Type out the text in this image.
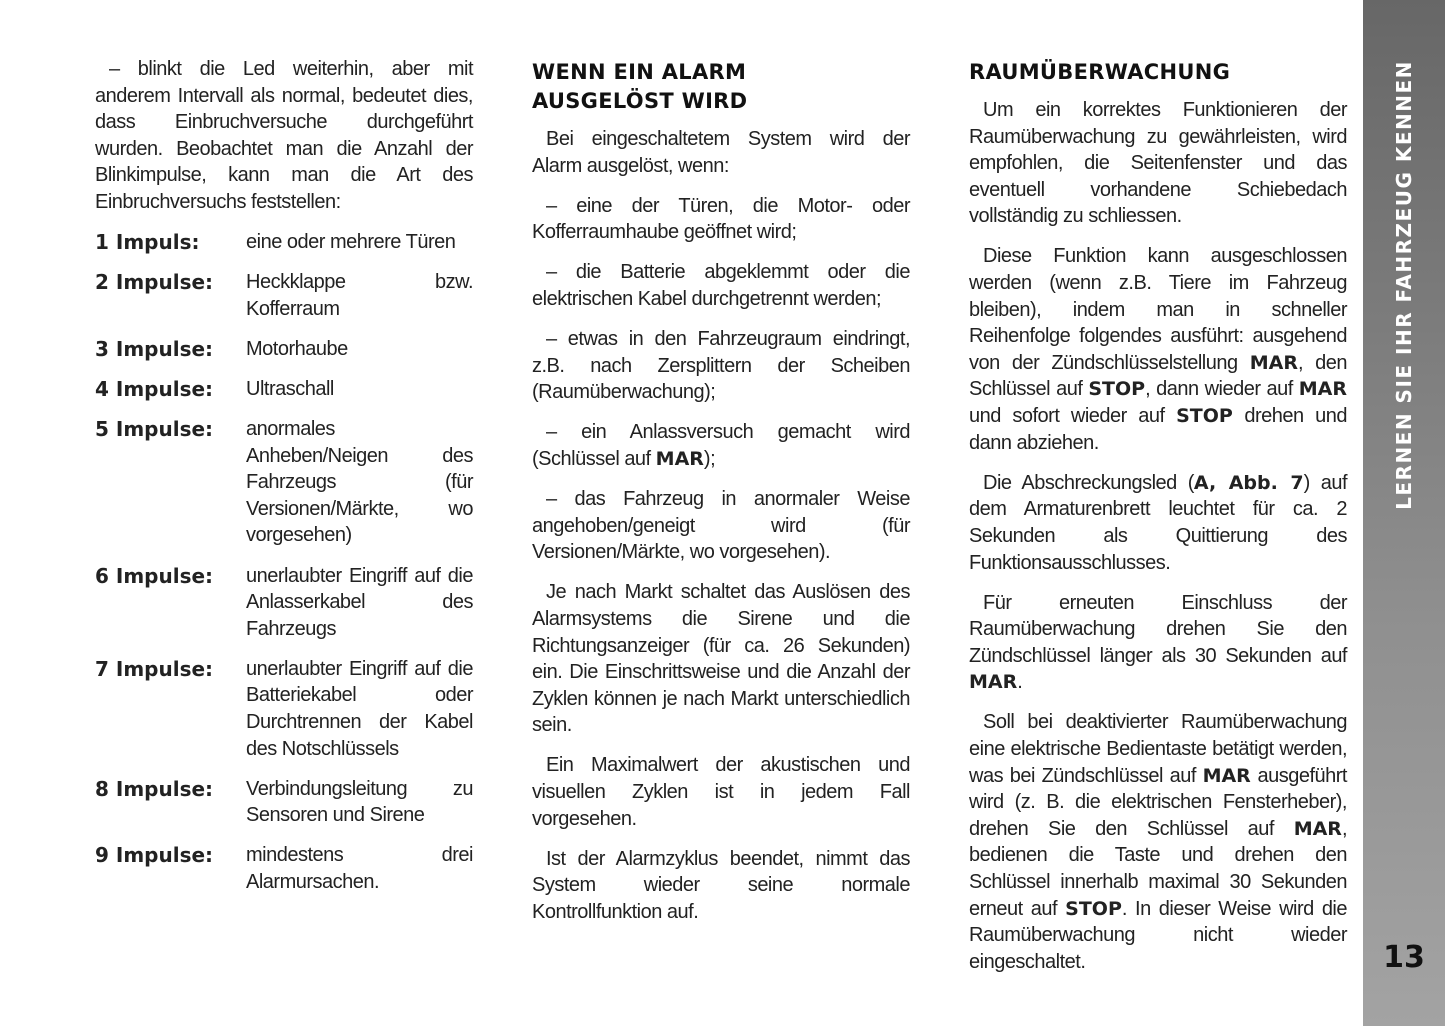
– blinkt die Led weiterhin, aber mit anderem Intervall als normal, bedeutet dies, dass Einbruchversuche durchgeführt wurden. Beobachtet man die Anzahl der Blinkimpulse, kann man die Art des Einbruchversuchs feststellen:

1 Impuls:	eine oder mehrere Türen
2 Impulse:	Heckklappe bzw. Kofferraum
3 Impulse:	Motorhaube
4 Impulse:	Ultraschall
5 Impulse:	anormales Anheben/Neigen des Fahrzeugs (für Versionen/Märkte, wo vorgesehen)
6 Impulse:	unerlaubter Eingriff auf die Anlasserkabel des Fahrzeugs
7 Impulse:	unerlaubter Eingriff auf die Batteriekabel oder Durchtrennen der Kabel des Notschlüssels
8 Impulse:	Verbindungsleitung zu Sensoren und Sirene
9 Impulse:	mindestens drei Alarmursachen.
WENN EIN ALARM AUSGELÖST WIRD

Bei eingeschaltetem System wird der Alarm ausgelöst, wenn:

– eine der Türen, die Motor- oder Kofferraumhaube geöffnet wird;

– die Batterie abgeklemmt oder die elektrischen Kabel durchgetrennt werden;

– etwas in den Fahrzeugraum eindringt, z.B. nach Zersplittern der Scheiben (Raumüberwachung);

– ein Anlassversuch gemacht wird (Schlüssel auf MAR);

– das Fahrzeug in anormaler Weise angehoben/geneigt wird (für Versionen/Märkte, wo vorgesehen).

Je nach Markt schaltet das Auslösen des Alarmsystems die Sirene und die Richtungsanzeiger (für ca. 26 Sekunden) ein. Die Einschrittsweise und die Anzahl der Zyklen können je nach Markt unterschiedlich sein.

Ein Maximalwert der akustischen und visuellen Zyklen ist in jedem Fall vorgesehen.

Ist der Alarmzyklus beendet, nimmt das System wieder seine normale Kontrollfunktion auf.

RAUMÜBERWACHUNG

Um ein korrektes Funktionieren der Raumüberwachung zu gewährleisten, wird empfohlen, die Seitenfenster und das eventuell vorhandene Schiebedach vollständig zu schliessen.

Diese Funktion kann ausgeschlossen werden (wenn z.B. Tiere im Fahrzeug bleiben), indem man in schneller Reihenfolge folgendes ausführt: ausgehend von der Zündschlüsselstellung MAR, den Schlüssel auf STOP, dann wieder auf MAR und sofort wieder auf STOP drehen und dann abziehen.

Die Abschreckungsled (A, Abb. 7) auf dem Armaturenbrett leuchtet für ca. 2 Sekunden als Quittierung des Funktionsausschlusses.

Für erneuten Einschluss der Raumüberwachung drehen Sie den Zündschlüssel länger als 30 Sekunden auf MAR.

Soll bei deaktivierter Raumüberwachung eine elektrische Bedientaste betätigt werden, was bei Zündschlüssel auf MAR ausgeführt wird (z. B. die elektrischen Fensterheber), drehen Sie den Schlüssel auf MAR, bedienen die Taste und drehen den Schlüssel innerhalb maximal 30 Sekunden erneut auf STOP. In dieser Weise wird die Raumüberwachung nicht wieder eingeschaltet.

LERNEN SIE IHR FAHRZEUG KENNEN
13
